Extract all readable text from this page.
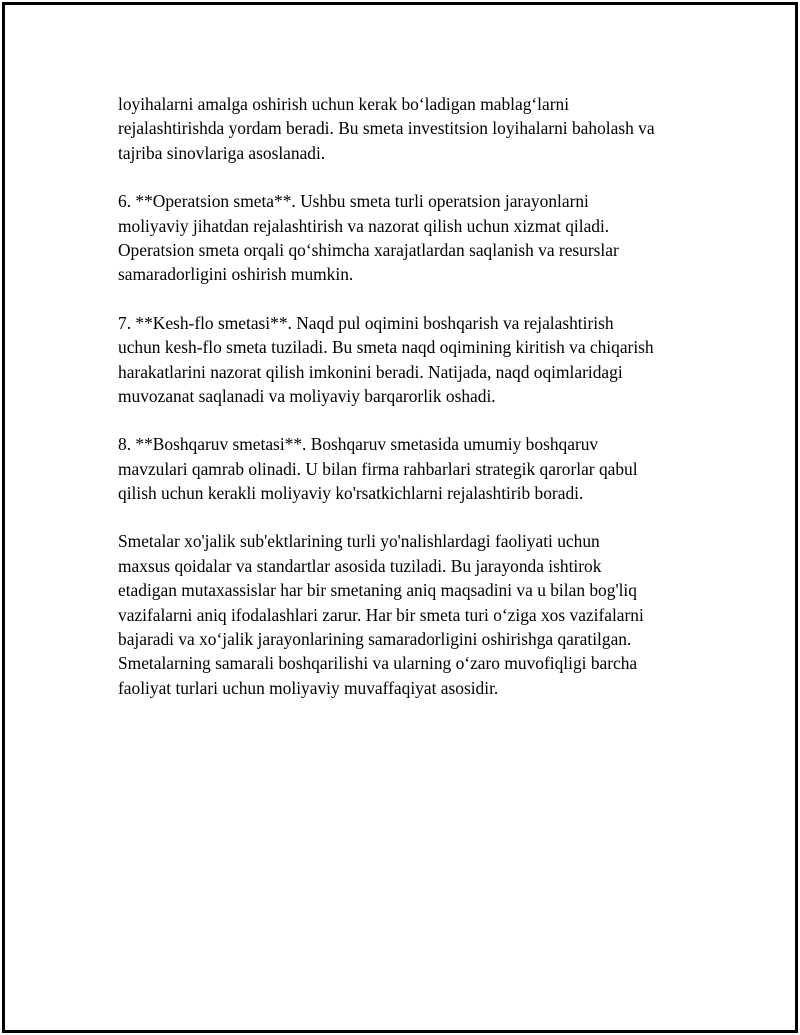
loyihalarni amalga oshirish uchun kerak bo‘ladigan mablag‘larni
rejalashtirishda yordam beradi. Bu smeta investitsion loyihalarni baholash va
tajriba sinovlariga asoslanadi.
6. **Operatsion smeta**. Ushbu smeta turli operatsion jarayonlarni
moliyaviy jihatdan rejalashtirish va nazorat qilish uchun xizmat qiladi.
Operatsion smeta orqali qo‘shimcha xarajatlardan saqlanish va resurslar
samaradorligini oshirish mumkin.
7. **Kesh-flo smetasi**. Naqd pul oqimini boshqarish va rejalashtirish
uchun kesh-flo smeta tuziladi. Bu smeta naqd oqimining kiritish va chiqarish
harakatlarini nazorat qilish imkonini beradi. Natijada, naqd oqimlaridagi
muvozanat saqlanadi va moliyaviy barqarorlik oshadi.
8. **Boshqaruv smetasi**. Boshqaruv smetasida umumiy boshqaruv
mavzulari qamrab olinadi. U bilan firma rahbarlari strategik qarorlar qabul
qilish uchun kerakli moliyaviy ko'rsatkichlarni rejalashtirib boradi.
Smetalar xo'jalik sub'ektlarining turli yo'nalishlardagi faoliyati uchun
maxsus qoidalar va standartlar asosida tuziladi. Bu jarayonda ishtirok
etadigan mutaxassislar har bir smetaning aniq maqsadini va u bilan bog'liq
vazifalarni aniq ifodalashlari zarur. Har bir smeta turi o‘ziga xos vazifalarni
bajaradi va xo‘jalik jarayonlarining samaradorligini oshirishga qaratilgan.
Smetalarning samarali boshqarilishi va ularning o‘zaro muvofiqligi barcha
faoliyat turlari uchun moliyaviy muvaffaqiyat asosidir.
